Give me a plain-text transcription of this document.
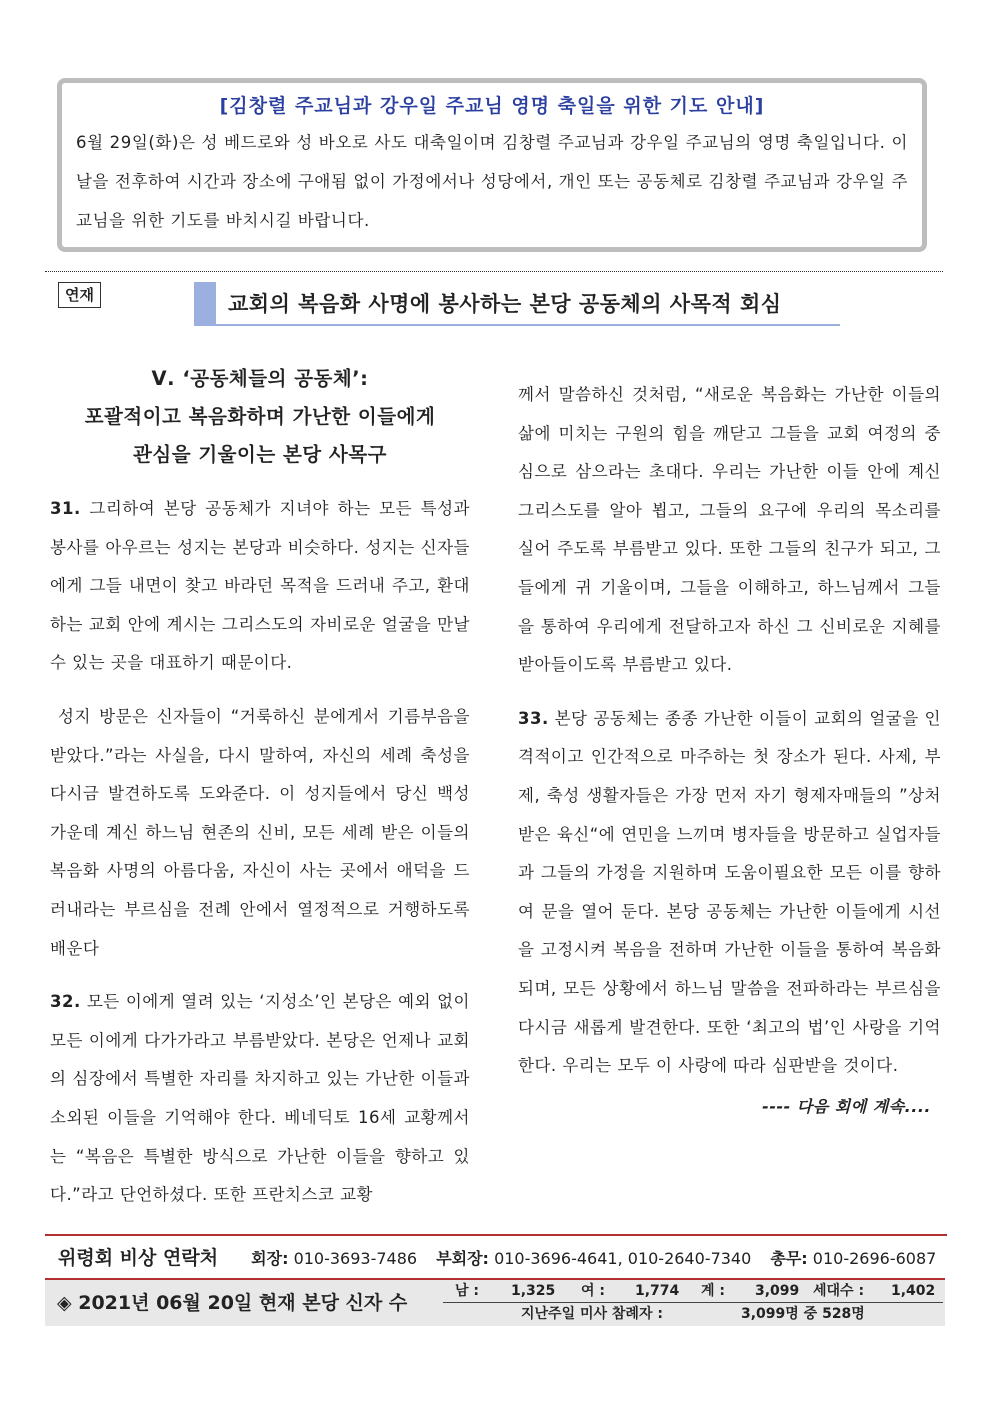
[김창렬 주교님과 강우일 주교님 영명 축일을 위한 기도 안내]
6월 29일(화)은 성 베드로와 성 바오로 사도 대축일이며 김창렬 주교님과 강우일 주교님의 영명 축일입니다. 이날을 전후하여 시간과 장소에 구애됨 없이 가정에서나 성당에서, 개인 또는 공동체로 김창렬 주교님과 강우일 주교님을 위한 기도를 바치시길 바랍니다.
연재	교회의 복음화 사명에 봉사하는 본당 공동체의 사목적 회심
Ⅴ. ‘공동체들의 공동체’:
포괄적이고 복음화하며 가난한 이들에게
관심을 기울이는 본당 사목구

31. 그리하여 본당 공동체가 지녀야 하는 모든 특성과 봉사를 아우르는 성지는 본당과 비슷하다. 성지는 신자들에게 그들 내면이 찾고 바라던 목적을 드러내 주고, 환대하는 교회 안에 계시는 그리스도의 자비로운 얼굴을 만날 수 있는 곳을 대표하기 때문이다.

성지 방문은 신자들이 “거룩하신 분에게서 기름부음을 받았다.”라는 사실을, 다시 말하여, 자신의 세례 축성을 다시금 발견하도록 도와준다. 이 성지들에서 당신 백성 가운데 계신 하느님 현존의 신비, 모든 세례 받은 이들의 복음화 사명의 아름다움, 자신이 사는 곳에서 애덕을 드러내라는 부르심을 전례 안에서 열정적으로 거행하도록 배운다

32. 모든 이에게 열려 있는 ‘지성소’인 본당은 예외 없이 모든 이에게 다가가라고 부름받았다. 본당은 언제나 교회의 심장에서 특별한 자리를 차지하고 있는 가난한 이들과 소외된 이들을 기억해야 한다. 베네딕토 16세 교황께서는 “복음은 특별한 방식으로 가난한 이들을 향하고 있다.”라고 단언하셨다. 또한 프란치스코 교황

께서 말씀하신 것처럼, “새로운 복음화는 가난한 이들의 삶에 미치는 구원의 힘을 깨닫고 그들을 교회 여정의 중심으로 삼으라는 초대다. 우리는 가난한 이들 안에 계신 그리스도를 알아 뵙고, 그들의 요구에 우리의 목소리를 실어 주도록 부름받고 있다. 또한 그들의 친구가 되고, 그들에게 귀 기울이며, 그들을 이해하고, 하느님께서 그들을 통하여 우리에게 전달하고자 하신 그 신비로운 지혜를 받아들이도록 부름받고 있다.

33. 본당 공동체는 종종 가난한 이들이 교회의 얼굴을 인격적이고 인간적으로 마주하는 첫 장소가 된다. 사제, 부제, 축성 생활자들은 가장 먼저 자기 형제자매들의 ”상처받은 육신“에 연민을 느끼며 병자들을 방문하고 실업자들과 그들의 가정을 지원하며 도움이필요한 모든 이를 향하여 문을 열어 둔다. 본당 공동체는 가난한 이들에게 시선을 고정시켜 복음을 전하며 가난한 이들을 통하여 복음화되며, 모든 상황에서 하느님 말씀을 전파하라는 부르심을 다시금 새롭게 발견한다. 또한 ‘최고의 법’인 사랑을 기억한다. 우리는 모두 이 사랑에 따라 심판받을 것이다.

---- 다음 회에 계속....
위령회 비상 연락처 회장: 010-3693-7486 부회장: 010-3696-4641, 010-2640-7340 총무: 010-2696-6087
◈ 2021년 06월 20일 현재 본당 신자 수
남 : 1,325 여 : 1,774 계 : 3,099 세대수 : 1,402
지난주일 미사 참례자 :	3,099명 중 528명
